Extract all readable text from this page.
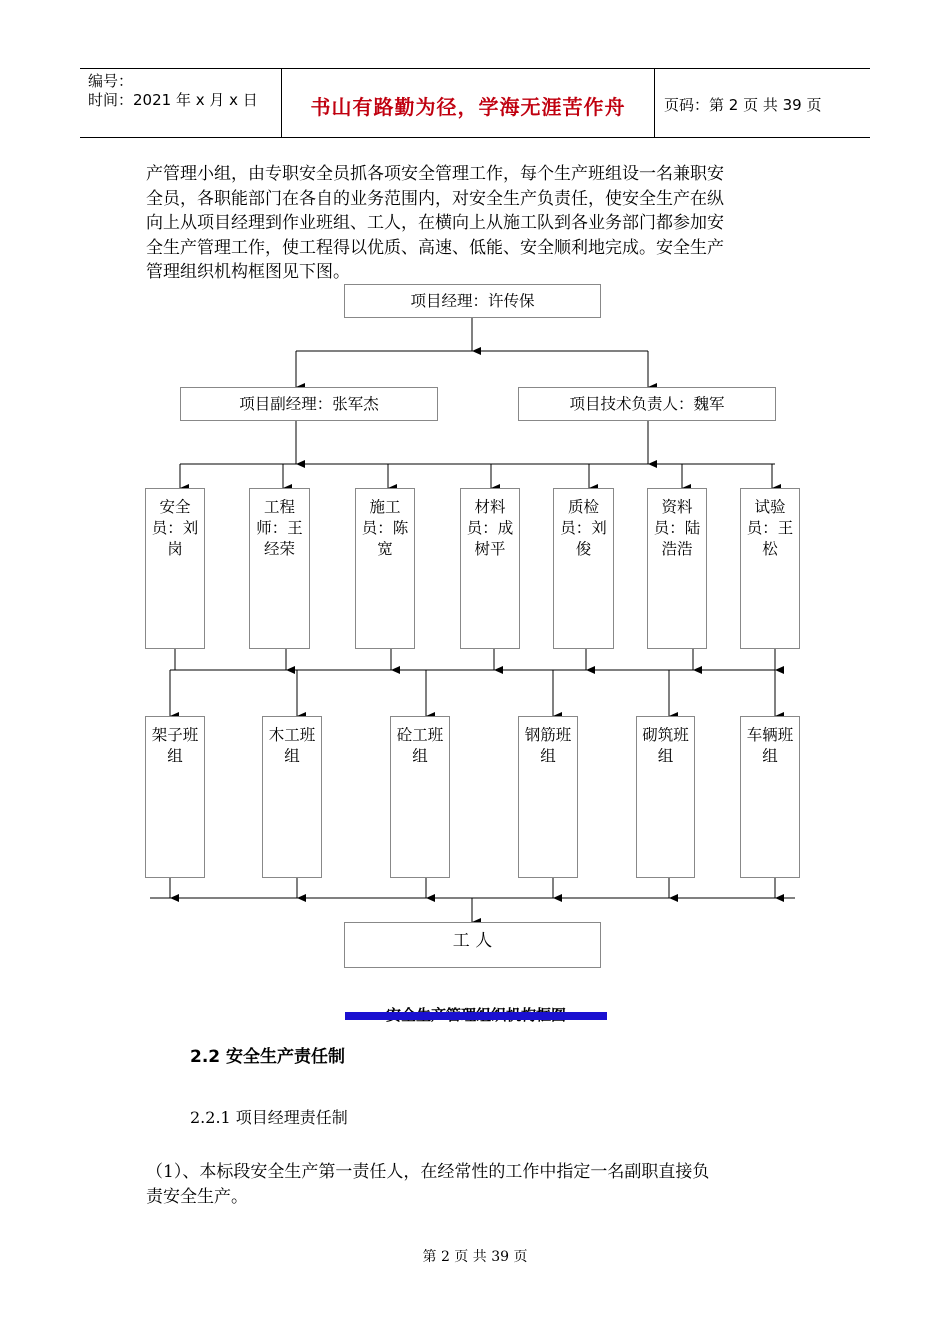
编号：
时间：2021 年 x 月 x 日	书山有路勤为径，学海无涯苦作舟	页码：第 2 页 共 39 页
产管理小组，由专职安全员抓各项安全管理工作，每个生产班组设一名兼职安
全员，各职能部门在各自的业务范围内，对安全生产负责任，使安全生产在纵
向上从项目经理到作业班组、工人，在横向上从施工队到各业务部门都参加安
全生产管理工作，使工程得以优质、高速、低能、安全顺利地完成。安全生产
管理组织机构框图见下图。
项目经理：许传保
项目副经理：张军杰	项目技术负责人：魏军
安全
员：刘
岗
工程
师：王
经荣
施工
员：陈
宽
材料
员：成
树平
质检
员：刘
俊
资料
员：陆
浩浩
试验
员：王
松
架子班
组
木工班
组
砼工班
组
钢筋班
组
砌筑班
组
车辆班
组
工 人
2.2 安全生产责任制
2.2.1 项目经理责任制
（1）、本标段安全生产第一责任人，在经常性的工作中指定一名副职直接负
责安全生产。
第 2 页 共 39 页
